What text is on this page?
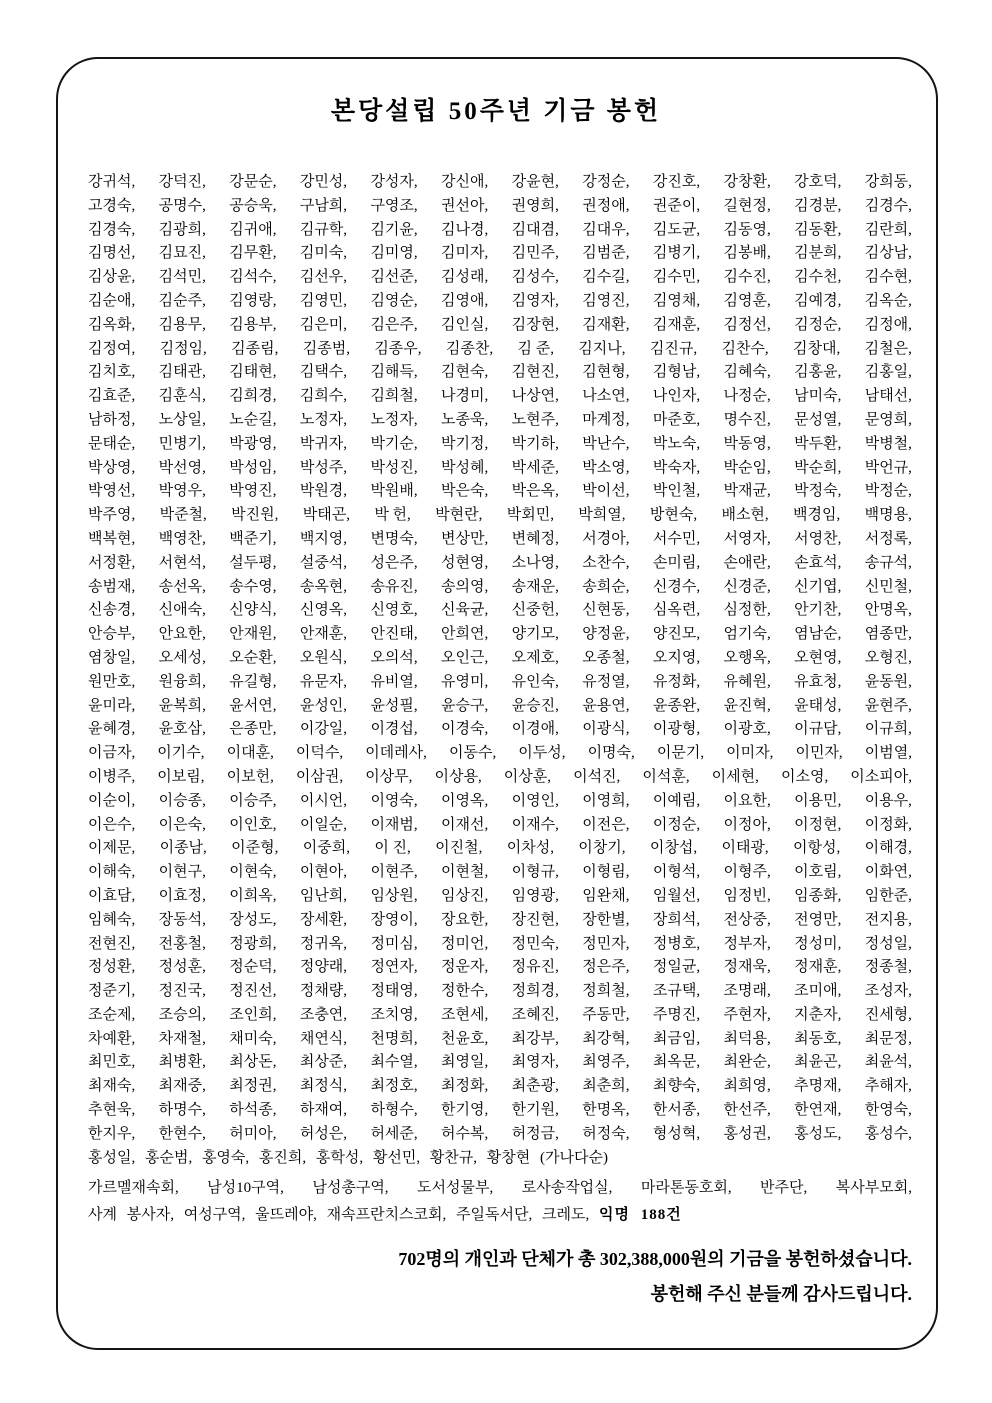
본당설립 50주년 기금 봉헌
강귀석, 강덕진, 강문순, 강민성, 강성자, 강신애, 강윤현, 강정순, 강진호, 강창환, 강호덕, 강희동,
고경숙, 공명수, 공승욱, 구남희, 구영조, 권선아, 권영희, 권정애, 권준이, 길현정, 김경분, 김경수,
김경숙, 김광희, 김귀애, 김규학, 김기윤, 김나경, 김대겸, 김대우, 김도균, 김동영, 김동환, 김란희,
김명선, 김묘진, 김무환, 김미숙, 김미영, 김미자, 김민주, 김범준, 김병기, 김봉배, 김분희, 김상남,
김상윤, 김석민, 김석수, 김선우, 김선준, 김성래, 김성수, 김수길, 김수민, 김수진, 김수천, 김수현,
김순애, 김순주, 김영랑, 김영민, 김영순, 김영애, 김영자, 김영진, 김영채, 김영훈, 김예경, 김옥순,
김옥화, 김용무, 김용부, 김은미, 김은주, 김인실, 김장현, 김재환, 김재훈, 김정선, 김정순, 김정애,
김정여, 김정임, 김종림, 김종범, 김종우, 김종찬, 김 준, 김지나, 김진규, 김찬수, 김창대, 김철은,
김치호, 김태관, 김태현, 김택수, 김해득, 김현숙, 김현진, 김현형, 김형남, 김혜숙, 김홍윤, 김홍일,
김효준, 김훈식, 김희경, 김희수, 김희철, 나경미, 나상연, 나소연, 나인자, 나정순, 남미숙, 남태선,
남하정, 노상일, 노순길, 노정자, 노정자, 노종욱, 노현주, 마계정, 마준호, 명수진, 문성열, 문영희,
문태순, 민병기, 박광영, 박귀자, 박기순, 박기정, 박기하, 박난수, 박노숙, 박동영, 박두환, 박병철,
박상영, 박선영, 박성임, 박성주, 박성진, 박성혜, 박세준, 박소영, 박숙자, 박순임, 박순희, 박언규,
박영선, 박영우, 박영진, 박원경, 박원배, 박은숙, 박은옥, 박이선, 박인철, 박재균, 박정숙, 박정순,
박주영, 박준철, 박진원, 박태곤, 박 헌, 박현란, 박회민, 박희열, 방현숙, 배소현, 백경임, 백명용,
백복현, 백영찬, 백준기, 백지영, 변명숙, 변상만, 변혜정, 서경아, 서수민, 서영자, 서영찬, 서정록,
서정환, 서현석, 설두평, 설중석, 성은주, 성현영, 소나영, 소찬수, 손미림, 손애란, 손효석, 송규석,
송범재, 송선옥, 송수영, 송옥현, 송유진, 송의영, 송재운, 송희순, 신경수, 신경준, 신기엽, 신민철,
신송경, 신애숙, 신양식, 신영옥, 신영호, 신육균, 신중헌, 신현동, 심옥련, 심정한, 안기찬, 안명옥,
안승부, 안요한, 안재원, 안재훈, 안진태, 안희연, 양기모, 양정윤, 양진모, 엄기숙, 염남순, 염종만,
염창일, 오세성, 오순환, 오원식, 오의석, 오인근, 오제호, 오종철, 오지영, 오행옥, 오현영, 오형진,
원만호, 원융희, 유길형, 유문자, 유비열, 유영미, 유인숙, 유정열, 유정화, 유혜원, 유효청, 윤동원,
윤미라, 윤복희, 윤서연, 윤성인, 윤성필, 윤승구, 윤승진, 윤용연, 윤종완, 윤진혁, 윤태성, 윤현주,
윤혜경, 윤호삼, 은종만, 이강일, 이경섭, 이경숙, 이경애, 이광식, 이광형, 이광호, 이규담, 이규희,
이금자, 이기수, 이대훈, 이덕수, 이데레사, 이동수, 이두성, 이명숙, 이문기, 이미자, 이민자, 이범열,
이병주, 이보림, 이보헌, 이삼권, 이상무, 이상용, 이상훈, 이석진, 이석훈, 이세현, 이소영, 이소피아,
이순이, 이승종, 이승주, 이시언, 이영숙, 이영옥, 이영인, 이영희, 이예림, 이요한, 이용민, 이용우,
이은수, 이은숙, 이인호, 이일순, 이재범, 이재선, 이재수, 이전은, 이정순, 이정아, 이정현, 이정화,
이제문, 이종남, 이준형, 이중희, 이 진, 이진철, 이차성, 이창기, 이창섭, 이태광, 이항성, 이해경,
이해숙, 이현구, 이현숙, 이현아, 이현주, 이현철, 이형규, 이형림, 이형석, 이형주, 이호림, 이화연,
이효담, 이효정, 이희옥, 임난희, 임상원, 임상진, 임영광, 임완채, 임월선, 임정빈, 임종화, 임한준,
임혜숙, 장동석, 장성도, 장세환, 장영이, 장요한, 장진현, 장한별, 장희석, 전상중, 전영만, 전지용,
전현진, 전홍철, 정광희, 정귀옥, 정미심, 정미언, 정민숙, 정민자, 정병호, 정부자, 정성미, 정성일,
정성환, 정성훈, 정순덕, 정양래, 정연자, 정운자, 정유진, 정은주, 정일균, 정재욱, 정재훈, 정종철,
정준기, 정진국, 정진선, 정채량, 정태영, 정한수, 정희경, 정희철, 조규택, 조명래, 조미애, 조성자,
조순제, 조승의, 조인희, 조충연, 조치영, 조현세, 조혜진, 주동만, 주명진, 주현자, 지춘자, 진세형,
차예환, 차재철, 채미숙, 채연식, 천명희, 천윤호, 최강부, 최강혁, 최금임, 최덕용, 최동호, 최문정,
최민호, 최병환, 최상돈, 최상준, 최수열, 최영일, 최영자, 최영주, 최옥문, 최완순, 최윤곤, 최윤석,
최재숙, 최재중, 최정권, 최정식, 최정호, 최정화, 최춘광, 최춘희, 최향숙, 최희영, 추명재, 추해자,
추현욱, 하명수, 하석종, 하재여, 하형수, 한기영, 한기원, 한명옥, 한서종, 한선주, 한연재, 한영숙,
한지우, 한현수, 허미아, 허성은, 허세준, 허수복, 허정금, 허정숙, 형성혁, 홍성권, 홍성도, 홍성수,
홍성일, 홍순범, 홍영숙, 홍진희, 홍학성, 황선민, 황찬규, 황창현 (가나다순)
가르멜재속회, 남성10구역, 남성총구역, 도서성물부, 로사송작업실, 마라톤동호회, 반주단, 복사부모회,
사계 봉사자, 여성구역, 울뜨레야, 재속프란치스코회, 주일독서단, 크레도, 익명 188건
702명의 개인과 단체가 총 302,388,000원의 기금을 봉헌하셨습니다.
봉헌해 주신 분들께 감사드립니다.
